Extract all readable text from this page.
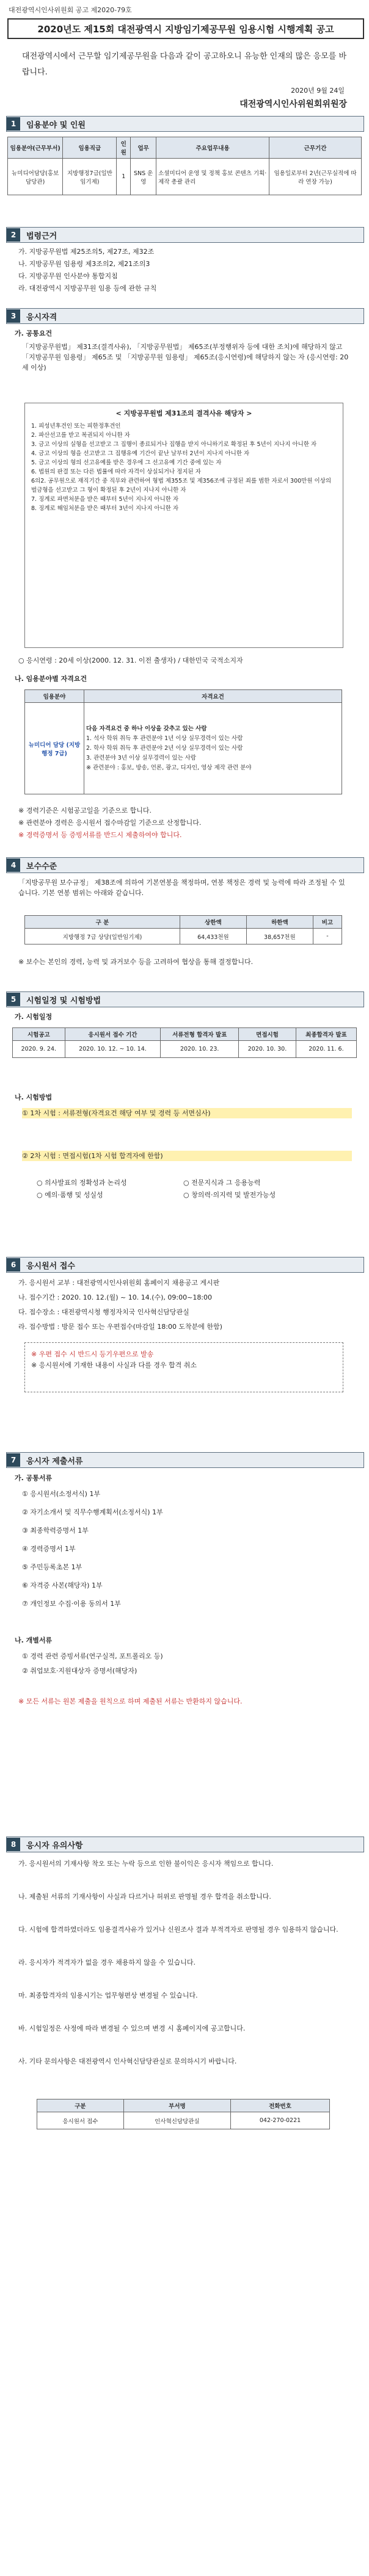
대전광역시인사위원회 공고 제2020-79호
2020년도 제15회 대전광역시 지방임기제공무원 임용시험 시행계획 공고
대전광역시에서 근무할 임기제공무원을 다음과 같이 공고하오니 유능한 인재의 많은 응모를 바랍니다.
2020년 9월 24일
대전광역시인사위원회위원장
1	임용분야 및 인원
임용분야(근무부서)	임용직급	인원	업무	주요업무내용	근무기간
뉴미디어담당(홍보담당관)	지방행정7급(일반임기제)	1	SNS 운영	소셜미디어 운영 및 정책 홍보 콘텐츠 기획·제작 총괄 관리	임용일로부터 2년(근무실적에 따라 연장 가능)
2	법령근거
가. 지방공무원법 제25조의5, 제27조, 제32조
나. 지방공무원 임용령 제3조의2, 제21조의3
다. 지방공무원 인사분야 통합지침
라. 대전광역시 지방공무원 임용 등에 관한 규칙
3	응시자격
가. 공통요건
「지방공무원법」 제31조(결격사유), 「지방공무원법」 제65조(부정행위자 등에 대한 조치)에 해당하지 않고 「지방공무원 임용령」 제65조 및 「지방공무원 임용령」 제65조(응시연령)에 해당하지 않는 자 (응시연령: 20세 이상)
< 지방공무원법 제31조의 결격사유 해당자 >
1. 피성년후견인 또는 피한정후견인
2. 파산선고를 받고 복권되지 아니한 자
3. 금고 이상의 실형을 선고받고 그 집행이 종료되거나 집행을 받지 아니하기로 확정된 후 5년이 지나지 아니한 자
4. 금고 이상의 형을 선고받고 그 집행유예 기간이 끝난 날부터 2년이 지나지 아니한 자
5. 금고 이상의 형의 선고유예를 받은 경우에 그 선고유예 기간 중에 있는 자
6. 법원의 판결 또는 다른 법률에 따라 자격이 상실되거나 정지된 자
6의2. 공무원으로 재직기간 중 직무와 관련하여 형법 제355조 및 제356조에 규정된 죄를 범한 자로서 300만원 이상의 벌금형을 선고받고 그 형이 확정된 후 2년이 지나지 아니한 자
7. 징계로 파면처분을 받은 때부터 5년이 지나지 아니한 자
8. 징계로 해임처분을 받은 때부터 3년이 지나지 아니한 자
○ 응시연령 : 20세 이상(2000. 12. 31. 이전 출생자) / 대한민국 국적소지자
나. 임용분야별 자격요건
임용분야	자격요건
뉴미디어 담당 (지방행정 7급)	다음 자격요건 중 하나 이상을 갖추고 있는 사람
1. 석사 학위 취득 후 관련분야 1년 이상 실무경력이 있는 사람
2. 학사 학위 취득 후 관련분야 2년 이상 실무경력이 있는 사람
3. 관련분야 3년 이상 실무경력이 있는 사람
※ 관련분야 : 홍보, 방송, 언론, 광고, 디자인, 영상 제작 관련 분야
※ 경력기준은 시험공고일을 기준으로 합니다.
※ 관련분야 경력은 응시원서 접수마감일 기준으로 산정합니다.
※ 경력증명서 등 증빙서류를 반드시 제출하여야 합니다.
4	보수수준
「지방공무원 보수규정」 제38조에 의하여 기본연봉을 책정하며, 연봉 책정은 경력 및 능력에 따라 조정될 수 있습니다. 기본 연봉 범위는 아래와 같습니다.
구 분	상한액	하한액	비고
지방행정 7급 상당(일반임기제)	64,433천원	38,657천원	-
※ 보수는 본인의 경력, 능력 및 과거보수 등을 고려하여 협상을 통해 결정합니다.
5	시험일정 및 시험방법
가. 시험일정
시험공고	응시원서 접수 기간	서류전형 합격자 발표	면접시험	최종합격자 발표
2020. 9. 24.	2020. 10. 12. ~ 10. 14.	2020. 10. 23.	2020. 10. 30.	2020. 11. 6.
나. 시험방법
① 1차 시험 : 서류전형(자격요건 해당 여부 및 경력 등 서면심사)
② 2차 시험 : 면접시험(1차 시험 합격자에 한함)
○ 의사발표의 정확성과 논리성	○ 전문지식과 그 응용능력
○ 예의·품행 및 성실성	○ 창의력·의지력 및 발전가능성
6	응시원서 접수
가. 응시원서 교부 : 대전광역시인사위원회 홈페이지 채용공고 게시판
나. 접수기간 : 2020. 10. 12.(월) ~ 10. 14.(수), 09:00~18:00
다. 접수장소 : 대전광역시청 행정자치국 인사혁신담당관실
라. 접수방법 : 방문 접수 또는 우편접수(마감일 18:00 도착분에 한함)
※ 우편 접수 시 반드시 등기우편으로 발송
※ 응시원서에 기재한 내용이 사실과 다를 경우 합격 취소
7	응시자 제출서류
가. 공통서류
① 응시원서(소정서식) 1부
② 자기소개서 및 직무수행계획서(소정서식) 1부
③ 최종학력증명서 1부
④ 경력증명서 1부
⑤ 주민등록초본 1부
⑥ 자격증 사본(해당자) 1부
⑦ 개인정보 수집·이용 동의서 1부
나. 개별서류
① 경력 관련 증빙서류(연구실적, 포트폴리오 등)
② 취업보호·지원대상자 증명서(해당자)
※ 모든 서류는 원본 제출을 원칙으로 하며 제출된 서류는 반환하지 않습니다.
8	응시자 유의사항
가. 응시원서의 기재사항 착오 또는 누락 등으로 인한 불이익은 응시자 책임으로 합니다.
나. 제출된 서류의 기재사항이 사실과 다르거나 허위로 판명될 경우 합격을 취소합니다.
다. 시험에 합격하였더라도 임용결격사유가 있거나 신원조사 결과 부적격자로 판명될 경우 임용하지 않습니다.
라. 응시자가 적격자가 없을 경우 채용하지 않을 수 있습니다.
마. 최종합격자의 임용시기는 업무형편상 변경될 수 있습니다.
바. 시험일정은 사정에 따라 변경될 수 있으며 변경 시 홈페이지에 공고합니다.
사. 기타 문의사항은 대전광역시 인사혁신담당관실로 문의하시기 바랍니다.
구분	부서명	전화번호
응시원서 접수	인사혁신담당관실	042-270-0221
